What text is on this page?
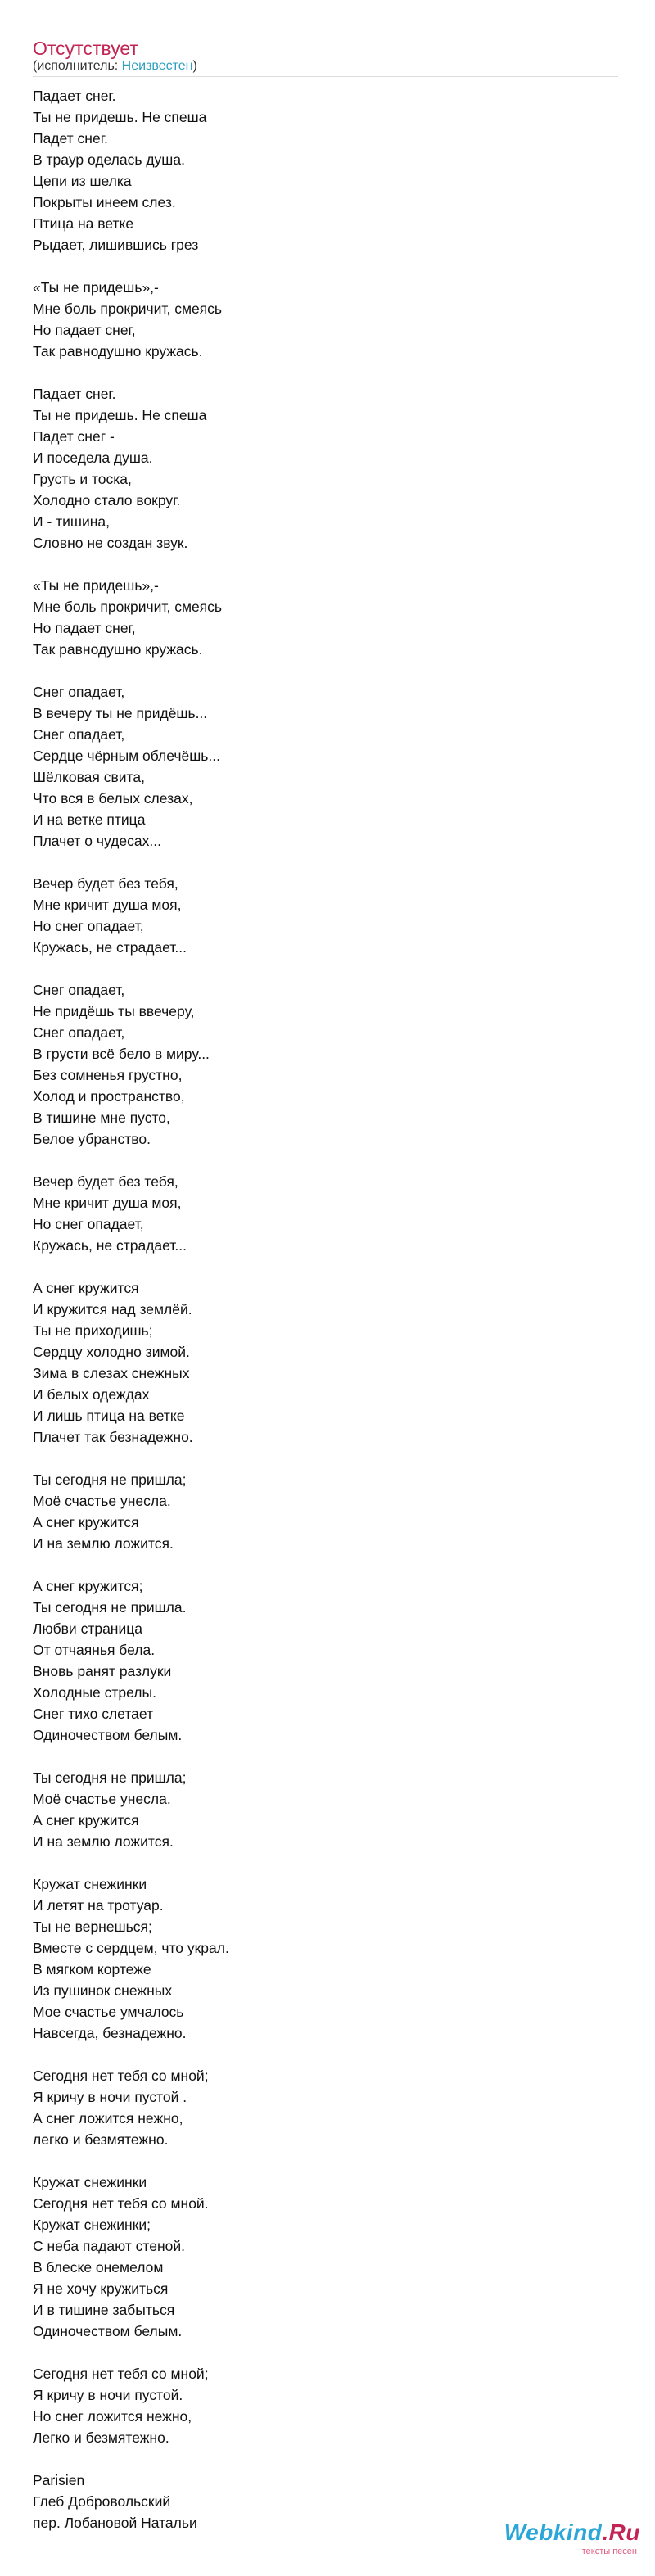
Отсутствует
(исполнитель: Неизвестен)
Падает снег.
Ты не придешь. Не спеша
Падет снег.
В траур оделась душа.
Цепи из шелка
Покрыты инеем слез.
Птица на ветке
Рыдает, лишившись грез
«Ты не придешь»,-
Мне боль прокричит, смеясь
Но падает снег,
Так равнодушно кружась.
Падает снег.
Ты не придешь. Не спеша
Падет снег -
И поседела душа.
Грусть и тоска,
Холодно стало вокруг.
И - тишина,
Словно не создан звук.
«Ты не придешь»,-
Мне боль прокричит, смеясь
Но падает снег,
Так равнодушно кружась.
Снег опадает,
В вечеру ты не придёшь...
Снег опадает,
Сердце чёрным облечёшь...
Шёлковая свита,
Что вся в белых слезах,
И на ветке птица
Плачет о чудесах...
Вечер будет без тебя,
Мне кричит душа моя,
Но снег опадает,
Кружась, не страдает...
Снег опадает,
Не придёшь ты ввечеру,
Снег опадает,
В грусти всё бело в миру...
Без сомненья грустно,
Холод и пространство,
В тишине мне пусто,
Белое убранство.
Вечер будет без тебя,
Мне кричит душа моя,
Но снег опадает,
Кружась, не страдает...
А снег кружится
И кружится над землёй.
Ты не приходишь;
Сердцу холодно зимой.
Зима в слезах снежных
И белых одеждах
И лишь птица на ветке
Плачет так безнадежно.
Ты сегодня не пришла;
Моё счастье унесла.
А снег кружится
И на землю ложится.
А снег кружится;
Ты сегодня не пришла.
Любви страница
От отчаянья бела.
Вновь ранят разлуки
Холодные стрелы.
Снег тихо слетает
Одиночеством белым.
Ты сегодня не пришла;
Моё счастье унесла.
А снег кружится
И на землю ложится.
Кружат снежинки
И летят на тротуар.
Ты не вернешься;
Вместе с сердцем, что украл.
В мягком кортеже
Из пушинок снежных
Мое счастье умчалось
Навсегда, безнадежно.
Сегодня нет тебя со мной;
Я кричу в ночи пустой .
А снег ложится нежно,
легко и безмятежно.
Кружат снежинки
Сегодня нет тебя со мной.
Кружат снежинки;
С неба падают стеной.
В блеске онемелом
Я не хочу кружиться
И в тишине забыться
Одиночеством белым.
Сегодня нет тебя со мной;
Я кричу в ночи пустой.
Но снег ложится нежно,
Легко и безмятежно.
Parisien
Глеб Добровольский
пер. Лобановой Натальи	Webkind.Ru
тексты песен
